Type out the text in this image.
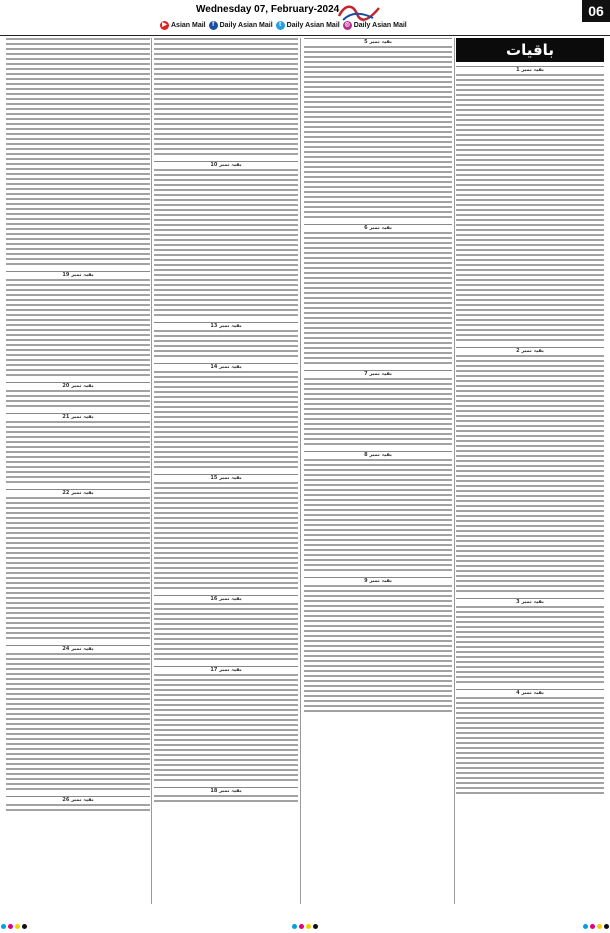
Wednesday 07, February-2024
▶ Asian Mail	f Daily Asian Mail	t Daily Asian Mail ◎ Daily Asian Mail
06
بقیہ نمبر 19
بقیہ نمبر 20
بقیہ نمبر 21
بقیہ نمبر 22
بقیہ نمبر 24
بقیہ نمبر 26
بقیہ نمبر 10
بقیہ نمبر 13
بقیہ نمبر 14
بقیہ نمبر 15
بقیہ نمبر 16
بقیہ نمبر 17
بقیہ نمبر 18
بقیہ نمبر 5
بقیہ نمبر 6
بقیہ نمبر 7
بقیہ نمبر 8
بقیہ نمبر 9
باقیات
بقیہ نمبر 1
بقیہ نمبر 2
بقیہ نمبر 3
بقیہ نمبر 4
